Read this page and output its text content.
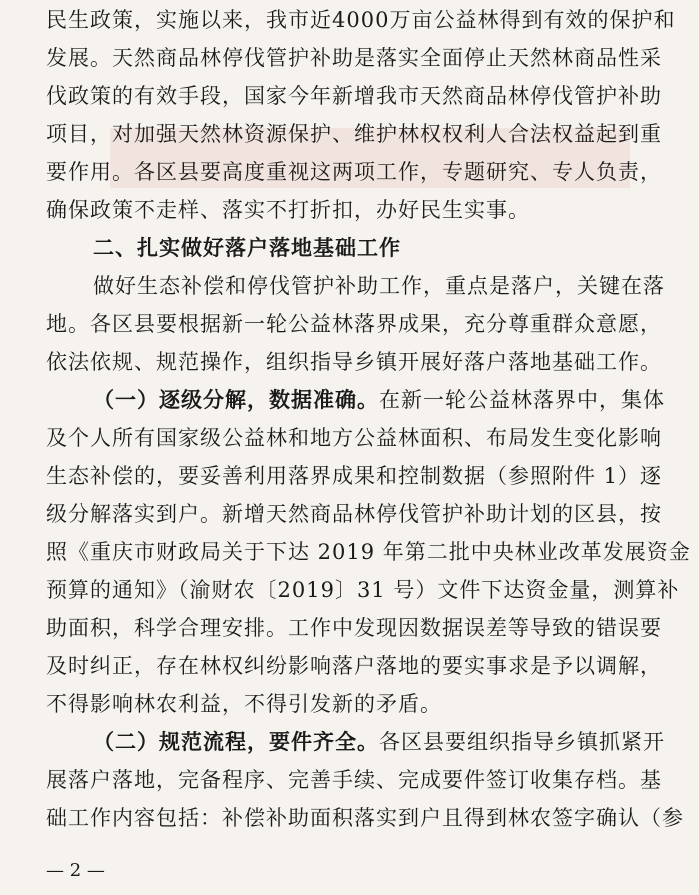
民生政策，实施以来，我市近4000万亩公益林得到有效的保护和
发展。天然商品林停伐管护补助是落实全面停止天然林商品性采
伐政策的有效手段，国家今年新增我市天然商品林停伐管护补助
项目，对加强天然林资源保护、维护林权权利人合法权益起到重
要作用。各区县要高度重视这两项工作，专题研究、专人负责，
确保政策不走样、落实不打折扣，办好民生实事。
二、扎实做好落户落地基础工作
做好生态补偿和停伐管护补助工作，重点是落户，关键在落
地。各区县要根据新一轮公益林落界成果，充分尊重群众意愿，
依法依规、规范操作，组织指导乡镇开展好落户落地基础工作。
（一）逐级分解，数据准确。在新一轮公益林落界中，集体
及个人所有国家级公益林和地方公益林面积、布局发生变化影响
生态补偿的，要妥善利用落界成果和控制数据（参照附件 1）逐
级分解落实到户。新增天然商品林停伐管护补助计划的区县，按
照《重庆市财政局关于下达 2019 年第二批中央林业改革发展资金
预算的通知》（渝财农〔2019〕31 号）文件下达资金量，测算补
助面积，科学合理安排。工作中发现因数据误差等导致的错误要
及时纠正，存在林权纠纷影响落户落地的要实事求是予以调解，
不得影响林农利益，不得引发新的矛盾。
（二）规范流程，要件齐全。各区县要组织指导乡镇抓紧开
展落户落地，完备程序、完善手续、完成要件签订收集存档。基
础工作内容包括：补偿补助面积落实到户且得到林农签字确认（参
— 2 —
